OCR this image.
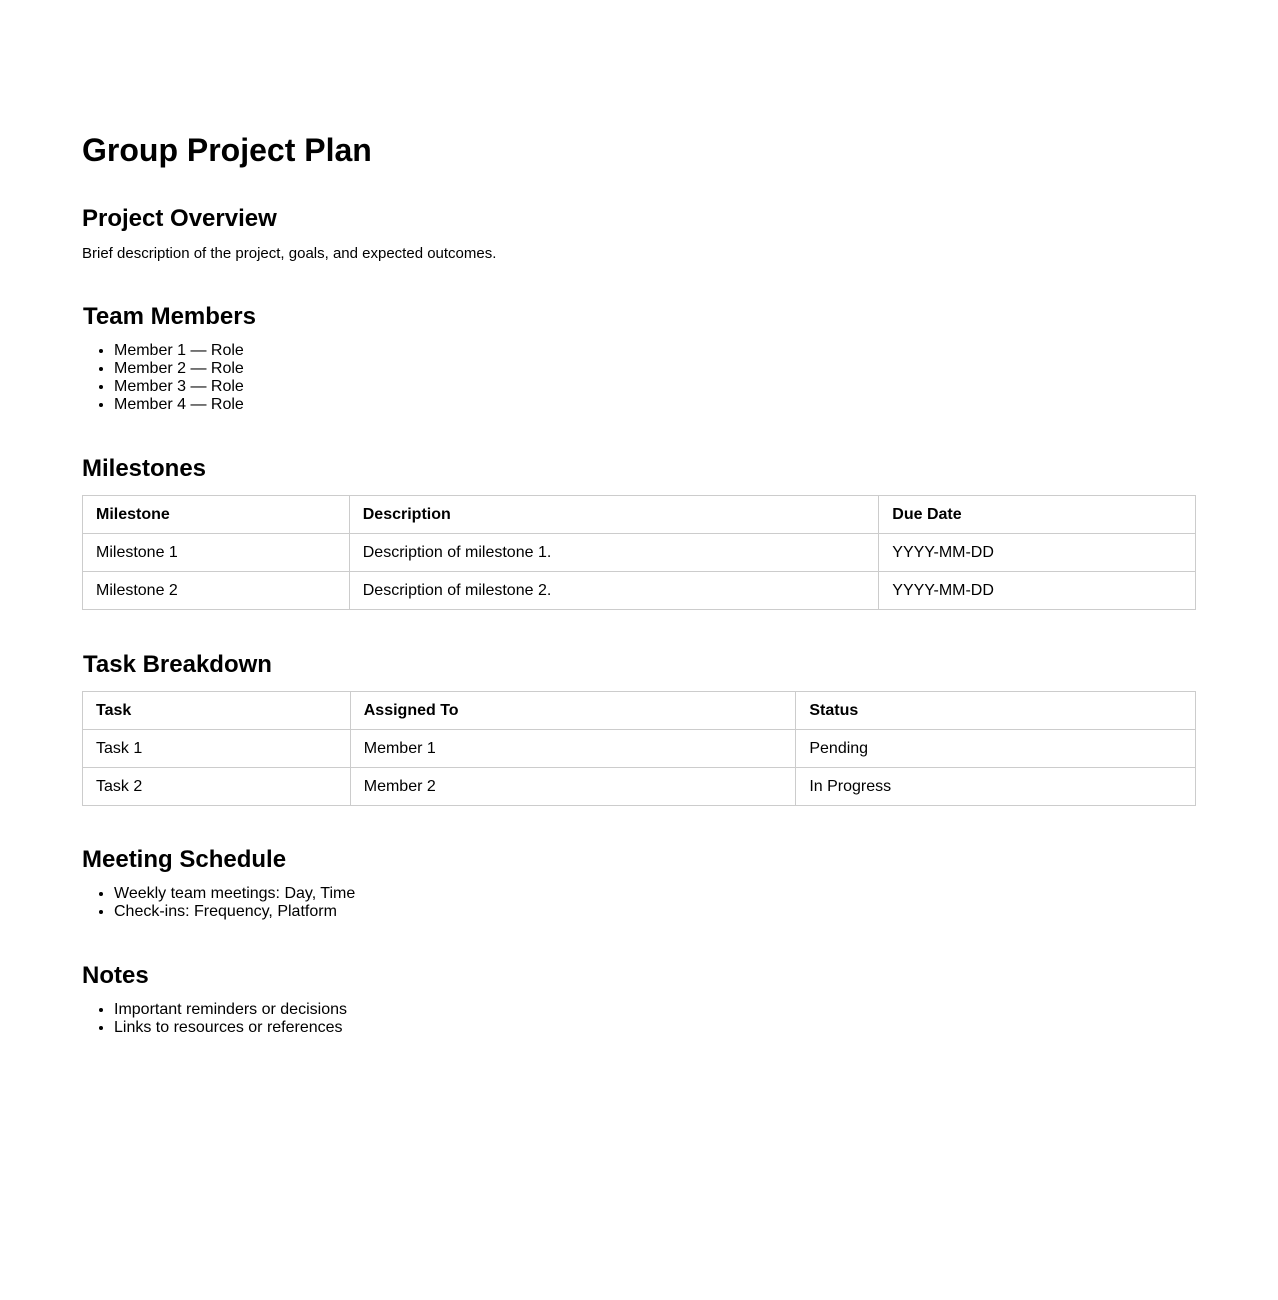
Group Project Plan
Project Overview

Brief description of the project, goals, and expected outcomes.

Team Members
• Member 1 — Role
• Member 2 — Role
• Member 3 — Role
• Member 4 — Role
Milestones
Milestone	Description	Due Date
Milestone 1	Description of milestone 1.	YYYY-MM-DD
Milestone 2	Description of milestone 2.	YYYY-MM-DD
Task Breakdown
Task	Assigned To	Status
Task 1	Member 1	Pending
Task 2	Member 2	In Progress
Meeting Schedule
• Weekly team meetings: Day, Time
• Check-ins: Frequency, Platform
Notes
• Important reminders or decisions
• Links to resources or references
